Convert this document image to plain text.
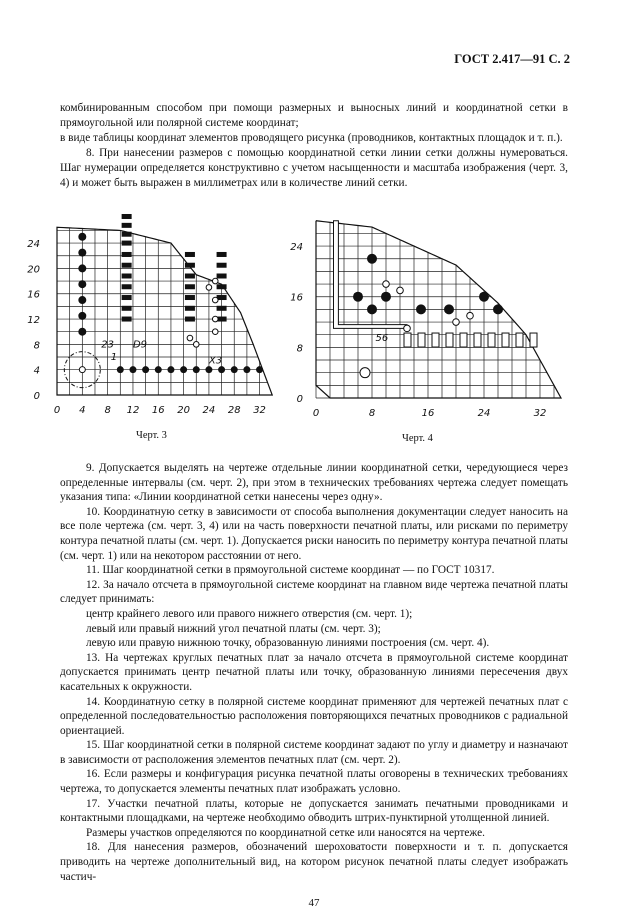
ГОСТ 2.417—91 С. 2

комбинированным способом при помощи размерных и выносных линий и координатной сетки в прямоугольной или полярной системе координат;

в виде таблицы координат элементов проводящего рисунка (проводников, контактных площадок и т. п.).

8. При нанесении размеров с помощью координатной сетки линии сетки должны нумероваться. Шаг нумерации определяется конструктивно с учетом насыщенности и масштаба изображения (черт. 3, 4) и может быть выражен в миллиметрах или в количестве линий сетки.

0 4 8 12 16 20 24 28 32
0
4
8
12
16
20
24
23 D9
X3
1
0	8	16	24	32
0
8
16
24
56
Черт. 3	Черт. 4

9. Допускается выделять на чертеже отдельные линии координатной сетки, чередующиеся через определенные интервалы (см. черт. 2), при этом в технических требованиях чертежа следует помещать указания типа: «Линии координатной сетки нанесены через одну».

10. Координатную сетку в зависимости от способа выполнения документации следует наносить на все поле чертежа (см. черт. 3, 4) или на часть поверхности печатной платы, или рисками по периметру контура печатной платы (см. черт. 1). Допускается риски наносить по периметру контура печатной платы (см. черт. 1) или на некотором расстоянии от него.

11. Шаг координатной сетки в прямоугольной системе координат — по ГОСТ 10317.

12. За начало отсчета в прямоугольной системе координат на главном виде чертежа печатной платы следует принимать:

центр крайнего левого или правого нижнего отверстия (см. черт. 1);

левый или правый нижний угол печатной платы (см. черт. 3);

левую или правую нижнюю точку, образованную линиями построения (см. черт. 4).

13. На чертежах круглых печатных плат за начало отсчета в прямоугольной системе координат допускается принимать центр печатной платы или точку, образованную линиями пересечения двух касательных к окружности.

14. Координатную сетку в полярной системе координат применяют для чертежей печатных плат с определенной последовательностью расположения повторяющихся печатных проводников с радиальной ориентацией.

15. Шаг координатной сетки в полярной системе координат задают по углу и диаметру и назначают в зависимости от расположения элементов печатных плат (см. черт. 2).

16. Если размеры и конфигурация рисунка печатной платы оговорены в технических требованиях чертежа, то допускается элементы печатных плат изображать условно.

17. Участки печатной платы, которые не допускается занимать печатными проводниками и контактными площадками, на чертеже необходимо обводить штрих-пунктирной утолщенной линией.

Размеры участков определяются по координатной сетке или наносятся на чертеже.

18. Для нанесения размеров, обозначений шероховатости поверхности и т. п. допускается приводить на чертеже дополнительный вид, на котором рисунок печатной платы следует изображать частич-

47
